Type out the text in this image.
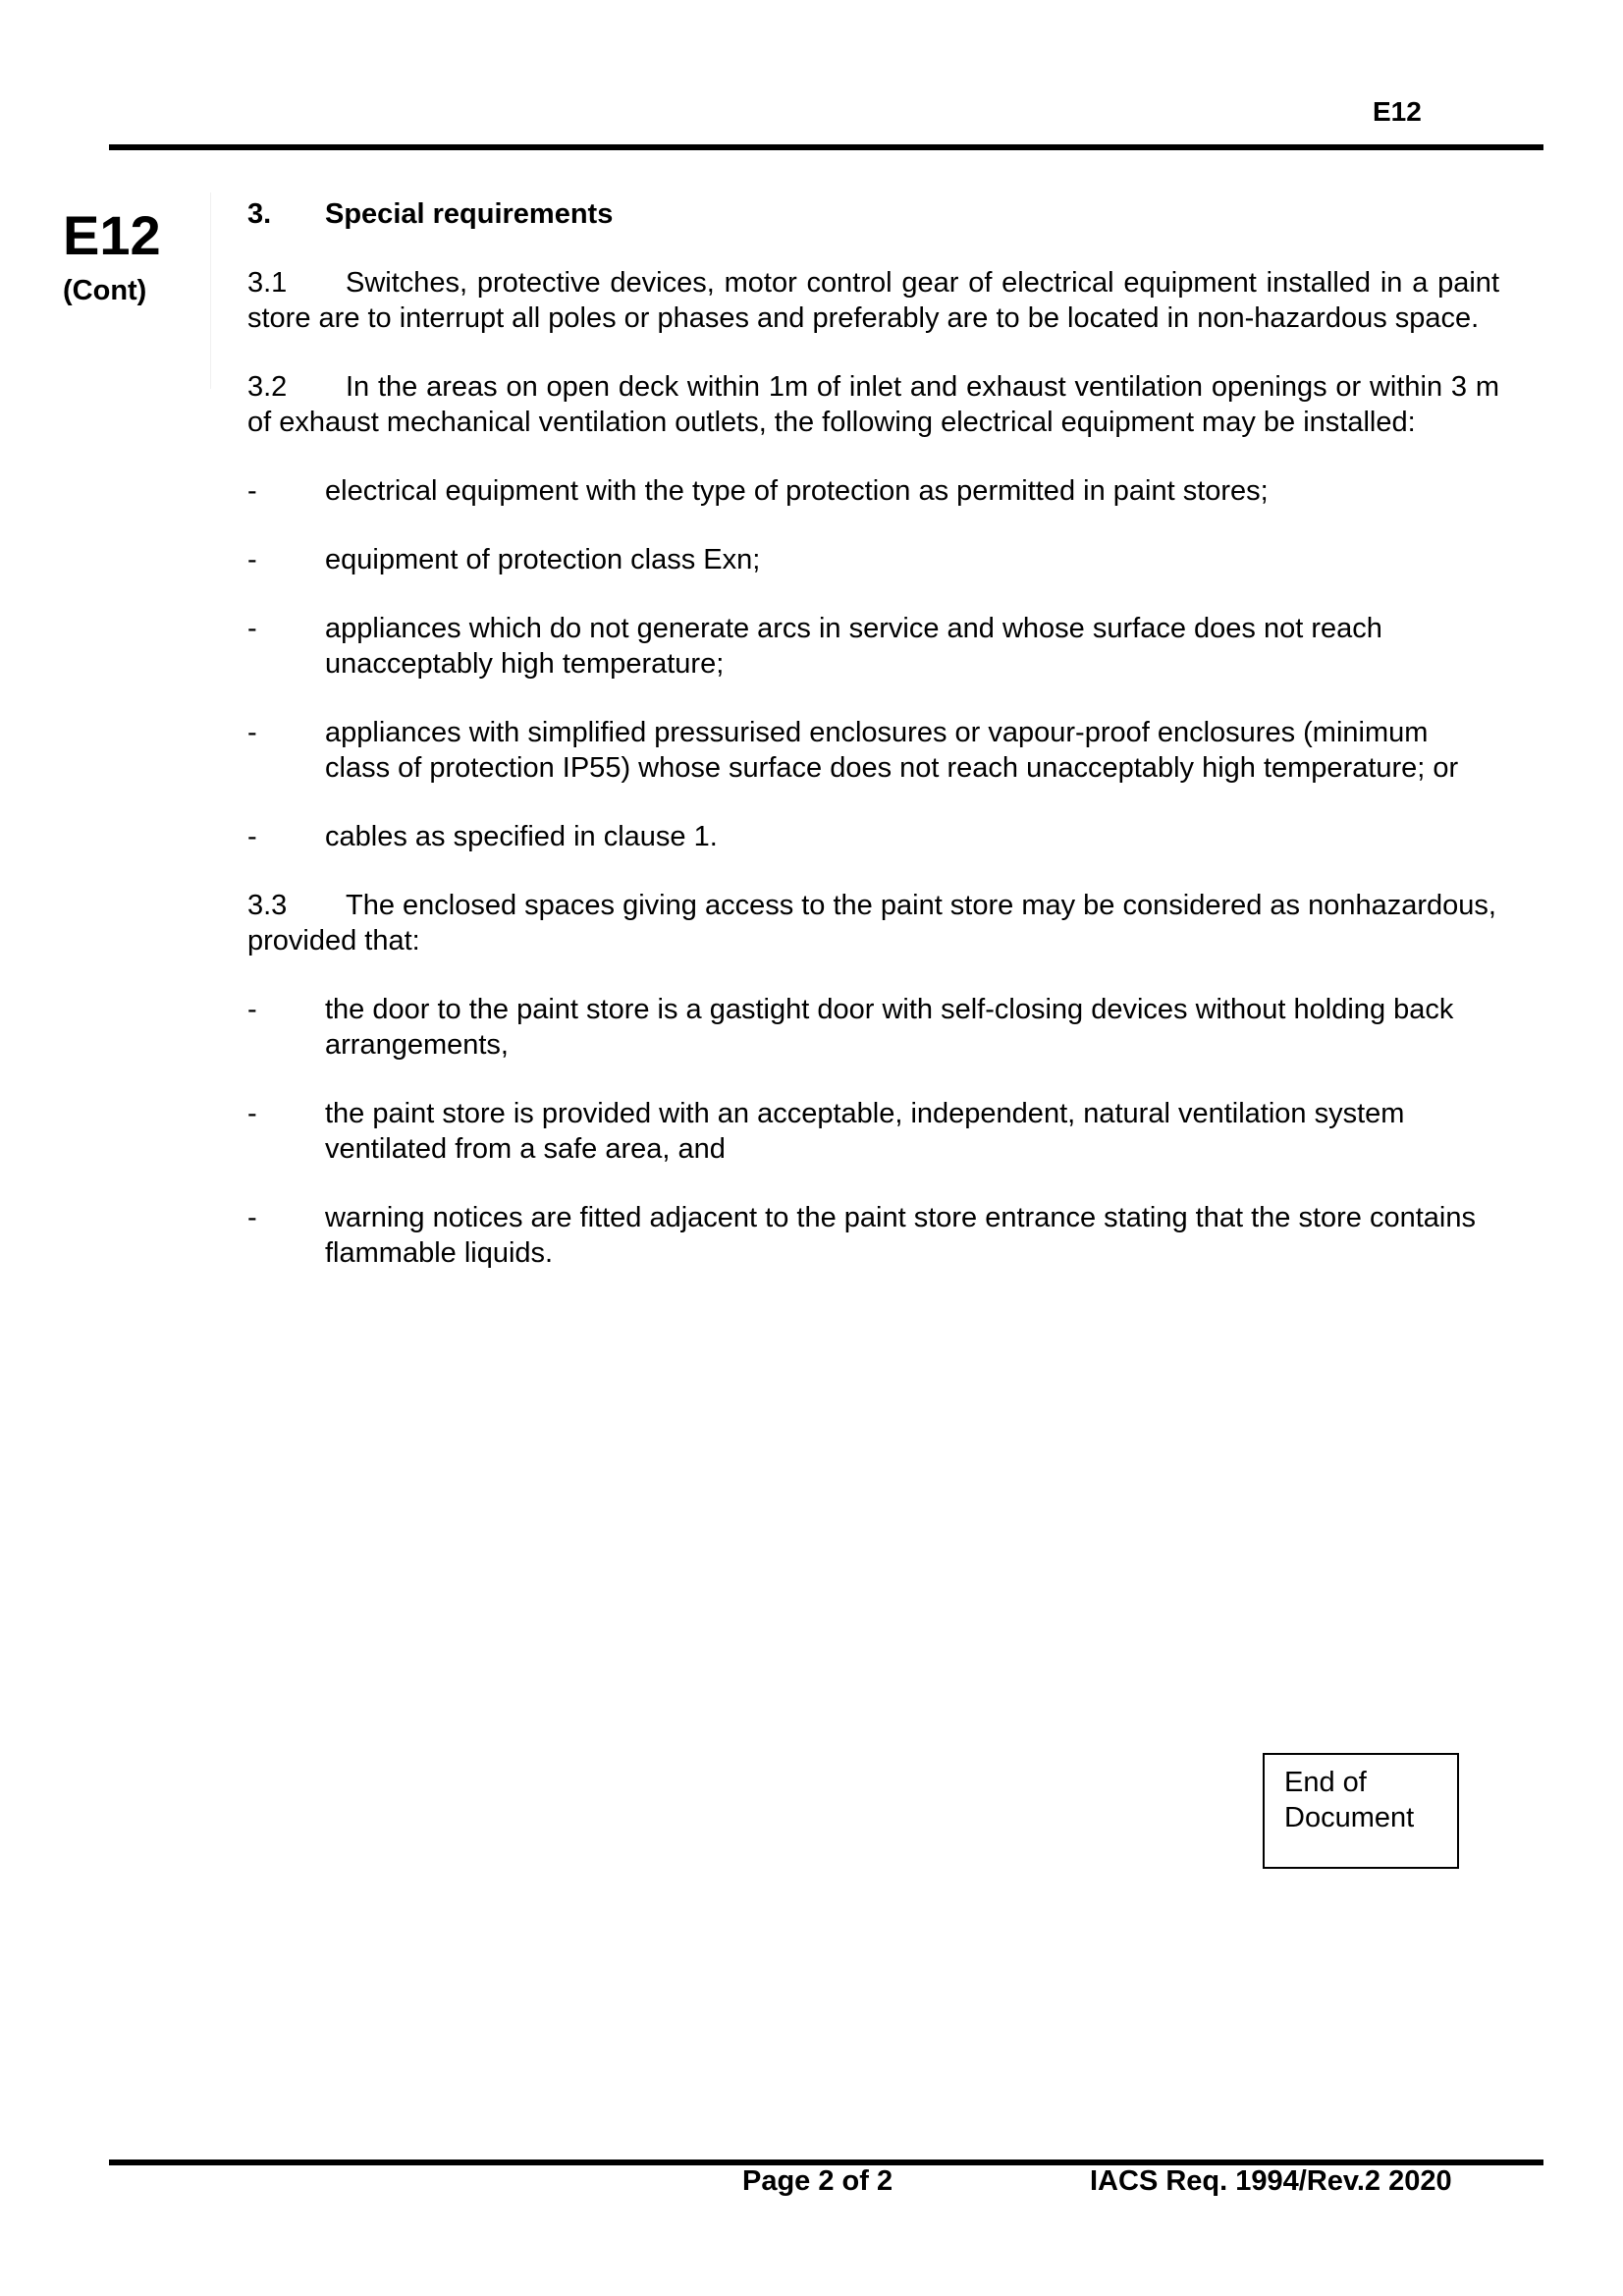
E12
E12
(Cont)
3.	Special requirements
3.1 Switches, protective devices, motor control gear of electrical equipment installed in a paint store are to interrupt all poles or phases and preferably are to be located in non-hazardous space.
3.2 In the areas on open deck within 1m of inlet and exhaust ventilation openings or within 3 m of exhaust mechanical ventilation outlets, the following electrical equipment may be installed:
-	electrical equipment with the type of protection as permitted in paint stores;
-	equipment of protection class Exn;
-	appliances which do not generate arcs in service and whose surface does not reach unacceptably high temperature;
-	appliances with simplified pressurised enclosures or vapour-proof enclosures (minimum class of protection IP55) whose surface does not reach unacceptably high temperature; or
-	cables as specified in clause 1.
3.3 The enclosed spaces giving access to the paint store may be considered as nonhazardous, provided that:
-	the door to the paint store is a gastight door with self-closing devices without holding back arrangements,
-	the paint store is provided with an acceptable, independent, natural ventilation system ventilated from a safe area, and
-	warning notices are fitted adjacent to the paint store entrance stating that the store contains flammable liquids.
End of
Document
Page 2 of 2	IACS Req. 1994/Rev.2 2020
